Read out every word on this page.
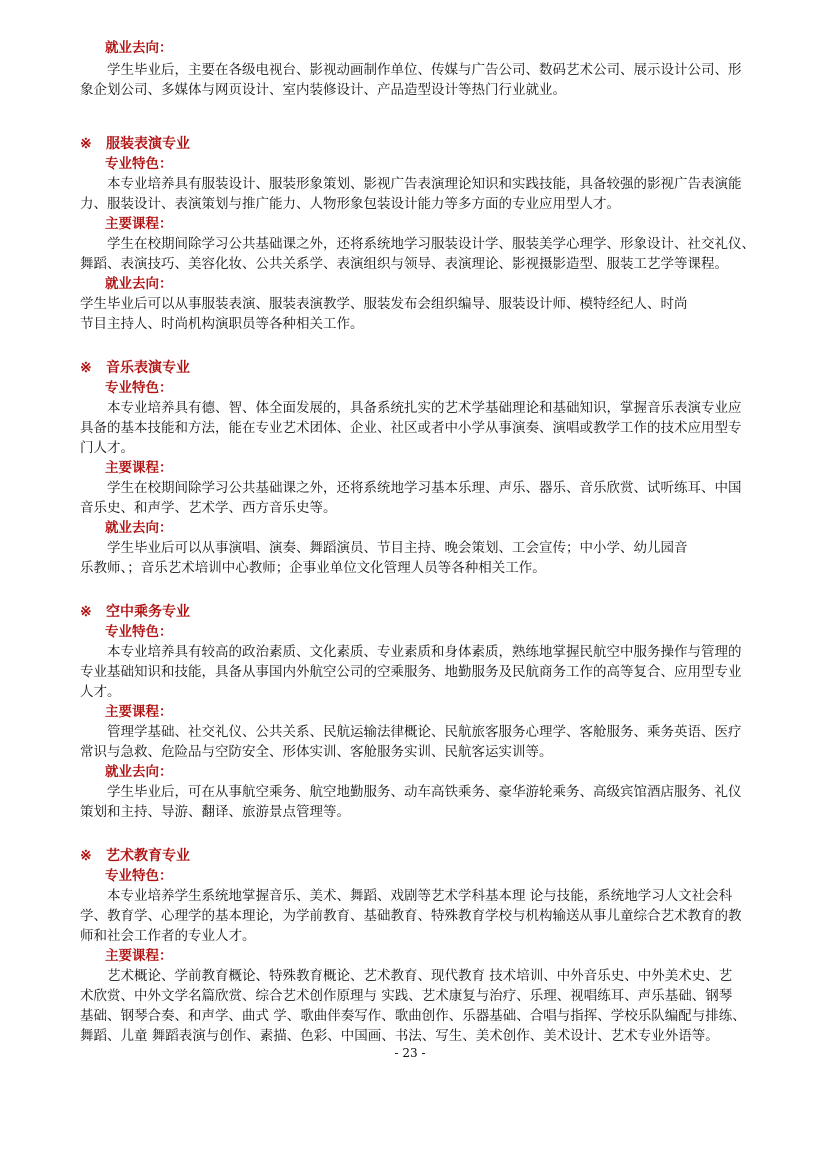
就业去向：
学生毕业后，主要在各级电视台、影视动画制作单位、传媒与广告公司、数码艺术公司、展示设计公司、形
象企划公司、多媒体与网页设计、室内装修设计、产品造型设计等热门行业就业。
※ 服装表演专业
专业特色：
本专业培养具有服装设计、服装形象策划、影视广告表演理论知识和实践技能，具备较强的影视广告表演能
力、服装设计、表演策划与推广能力、人物形象包装设计能力等多方面的专业应用型人才。
主要课程：
学生在校期间除学习公共基础课之外，还将系统地学习服装设计学、服装美学心理学、形象设计、社交礼仪、
舞蹈、表演技巧、美容化妆、公共关系学、表演组织与领导、表演理论、影视摄影造型、服装工艺学等课程。
就业去向：
学生毕业后可以从事服装表演、服装表演教学、服装发布会组织编导、服装设计师、模特经纪人、时尚
节目主持人、时尚机构演职员等各种相关工作。
※ 音乐表演专业
专业特色：
本专业培养具有德、智、体全面发展的，具备系统扎实的艺术学基础理论和基础知识，掌握音乐表演专业应
具备的基本技能和方法，能在专业艺术团体、企业、社区或者中小学从事演奏、演唱或教学工作的技术应用型专
门人才。
主要课程：
学生在校期间除学习公共基础课之外，还将系统地学习基本乐理、声乐、器乐、音乐欣赏、试听练耳、中国
音乐史、和声学、艺术学、西方音乐史等。
就业去向：
学生毕业后可以从事演唱、演奏、舞蹈演员、节目主持、晚会策划、工会宣传；中小学、幼儿园音
乐教师、；音乐艺术培训中心教师；企事业单位文化管理人员等各种相关工作。
※ 空中乘务专业
专业特色：
本专业培养具有较高的政治素质、文化素质、专业素质和身体素质，熟练地掌握民航空中服务操作与管理的
专业基础知识和技能，具备从事国内外航空公司的空乘服务、地勤服务及民航商务工作的高等复合、应用型专业
人才。
主要课程：
管理学基础、社交礼仪、公共关系、民航运输法律概论、民航旅客服务心理学、客舱服务、乘务英语、医疗
常识与急救、危险品与空防安全、形体实训、客舱服务实训、民航客运实训等。
就业去向：
学生毕业后，可在从事航空乘务、航空地勤服务、动车高铁乘务、豪华游轮乘务、高级宾馆酒店服务、礼仪
策划和主持、导游、翻译、旅游景点管理等。
※ 艺术教育专业
专业特色：
本专业培养学生系统地掌握音乐、美术、舞蹈、戏剧等艺术学科基本理 论与技能，系统地学习人文社会科
学、教育学、心理学的基本理论，为学前教育、基础教育、特殊教育学校与机构输送从事儿童综合艺术教育的教
师和社会工作者的专业人才。
主要课程：
艺术概论、学前教育概论、特殊教育概论、艺术教育、现代教育 技术培训、中外音乐史、中外美术史、艺
术欣赏、中外文学名篇欣赏、综合艺术创作原理与 实践、艺术康复与治疗、乐理、视唱练耳、声乐基础、钢琴
基础、钢琴合奏、和声学、曲式 学、歌曲伴奏写作、歌曲创作、乐器基础、合唱与指挥、学校乐队编配与排练、
舞蹈、儿童 舞蹈表演与创作、素描、色彩、中国画、书法、写生、美术创作、美术设计、艺术专业外语等。
- 23 -
